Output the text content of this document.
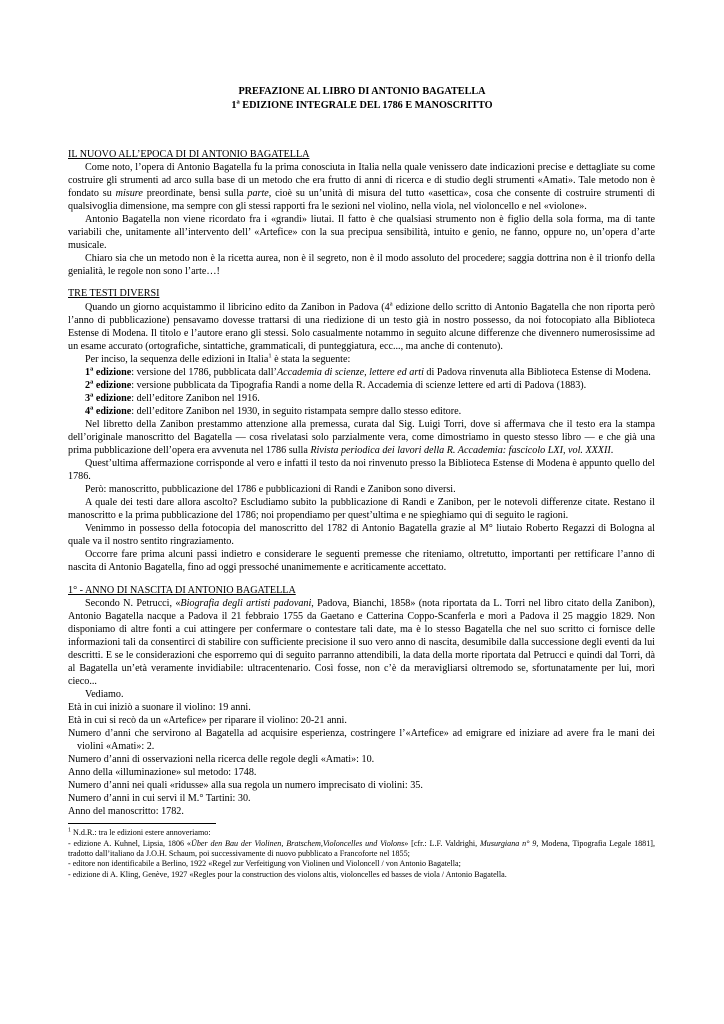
PREFAZIONE AL LIBRO DI ANTONIO BAGATELLA
1$^a$ EDIZIONE INTEGRALE DEL 1786 E MANOSCRITTO

IL NUOVO ALL’EPOCA DI DI ANTONIO BAGATELLA

Come noto, l’opera di Antonio Bagatella fu la prima conosciuta in Italia nella quale venissero date indicazioni precise e dettagliate su come costruire gli strumenti ad arco sulla base di un metodo che era frutto di anni di ricerca e di studio degli strumenti «Amati». Tale metodo non è fondato su misure preordinate, bensì sulla parte, cioè su un’unità di misura del tutto «asettica», cosa che consente di costruire strumenti di qualsivoglia dimensione, ma sempre con gli stessi rapporti fra le sezioni nel violino, nella viola, nel violoncello e nel «violone».

Antonio Bagatella non viene ricordato fra i «grandi» liutai. Il fatto è che qualsiasi strumento non è figlio della sola forma, ma di tante variabili che, unitamente all’intervento dell’ «Artefice» con la sua precipua sensibilità, intuito e genio, ne fanno, oppure no, un’opera d’arte musicale.

Chiaro sia che un metodo non è la ricetta aurea, non è il segreto, non è il modo assoluto del procedere; saggia dottrina non è il trionfo della genialità, le regole non sono l’arte…!

TRE TESTI DIVERSI

Quando un giorno acquistammo il libricino edito da Zanibon in Padova (4$^a$ edizione dello scritto di Antonio Bagatella che non riporta però l’anno di pubblicazione) pensavamo dovesse trattarsi di una riedizione di un testo già in nostro possesso, da noi fotocopiato alla Biblioteca Estense di Modena. Il titolo e l’autore erano gli stessi. Solo casualmente notammo in seguito alcune differenze che divennero numerosissime ad un esame accurato (ortografiche, sintattiche, grammaticali, di punteggiatura, ecc..., ma anche di contenuto).

Per inciso, la sequenza delle edizioni in Italia$^1$ è stata la seguente:

1$^a$ edizione: versione del 1786, pubblicata dall’Accademia di scienze, lettere ed arti di Padova rinvenuta alla Biblioteca Estense di Modena.

2$^a$ edizione: versione pubblicata da Tipografia Randi a nome della R. Accademia di scienze lettere ed arti di Padova (1883).

3$^a$ edizione: dell’editore Zanibon nel 1916.

4$^a$ edizione: dell’editore Zanibon nel 1930, in seguito ristampata sempre dallo stesso editore.

Nel libretto della Zanibon prestammo attenzione alla premessa, curata dal Sig. Luigi Torri, dove si affermava che il testo era la stampa dell’originale manoscritto del Bagatella — cosa rivelatasi solo parzialmente vera, come dimostriamo in questo stesso libro — e che già una prima pubblicazione dell’opera era avvenuta nel 1786 sulla Rivista periodica dei lavori della R. Accademia: fascicolo LXI, vol. XXXII.

Quest’ultima affermazione corrisponde al vero e infatti il testo da noi rinvenuto presso la Biblioteca Estense di Modena è appunto quello del 1786.

Però: manoscritto, pubblicazione del 1786 e pubblicazioni di Randi e Zanibon sono diversi.

A quale dei testi dare allora ascolto? Escludiamo subito la pubblicazione di Randi e Zanibon, per le notevoli differenze citate. Restano il manoscritto e la prima pubblicazione del 1786; noi propendiamo per quest’ultima e ne spieghiamo qui di seguito le ragioni.

Venimmo in possesso della fotocopia del manoscritto del 1782 di Antonio Bagatella grazie al M° liutaio Roberto Regazzi di Bologna al quale va il nostro sentito ringraziamento.

Occorre fare prima alcuni passi indietro e considerare le seguenti premesse che riteniamo, oltretutto, importanti per rettificare l’anno di nascita di Antonio Bagatella, fino ad oggi pressoché unanimemente e acriticamente accettato.

1° - ANNO DI NASCITA DI ANTONIO BAGATELLA

Secondo N. Petrucci, «Biografia degli artisti padovani, Padova, Bianchi, 1858» (nota riportata da L. Torri nel libro citato della Zanibon), Antonio Bagatella nacque a Padova il 21 febbraio 1755 da Gaetano e Catterina Coppo-Scanferla e morì a Padova il 25 maggio 1829. Non disponiamo di altre fonti a cui attingere per confermare o contestare tali date, ma è lo stesso Bagatella che nel suo scritto ci fornisce delle informazioni tali da consentirci di stabilire con sufficiente precisione il suo vero anno di nascita, desumibile dalla successione degli eventi da lui descritti. E se le considerazioni che esporremo qui di seguito parranno attendibili, la data della morte riportata dal Petrucci e quindi dal Torri, dà al Bagatella un’età veramente invidiabile: ultracentenario. Così fosse, non c’è da meravigliarsi oltremodo se, sfortunatamente per lui, morì cieco...

Vediamo.

Età in cui iniziò a suonare il violino: 19 anni.

Età in cui si recò da un «Artefice» per riparare il violino: 20-21 anni.

Numero d’anni che servirono al Bagatella ad acquisire esperienza, costringere l’«Artefice» ad emigrare ed iniziare ad avere fra le mani dei violini «Amati»: 2.

Numero d’anni di osservazioni nella ricerca delle regole degli «Amati»: 10.

Anno della «illuminazione» sul metodo: 1748.

Numero d’anni nei quali «ridusse» alla sua regola un numero imprecisato di violini: 35.

Numero d’anni in cui servì il M.° Tartini: 30.

Anno del manoscritto: 1782.

$^1$ N.d.R.: tra le edizioni estere annoveriamo:

- edizione A. Kuhnel, Lipsia, 1806 «Über den Bau der Violinen, Bratschem,Violoncelles und Violons» [cfr.: L.F. Valdrighi, Musurgiana n° 9, Modena, Tipografia Legale 1881], tradotto dall’italiano da J.O.H. Schaum, poi successivamente di nuovo pubblicato a Francoforte nel 1855;

- editore non identificabile a Berlino, 1922 «Regel zur Verfeitigung von Violinen und Violoncell / von Antonio Bagatella;

- edizione di A. Kling, Genève, 1927 «Regles pour la construction des violons altis, violoncelles ed basses de viola / Antonio Bagatella.
